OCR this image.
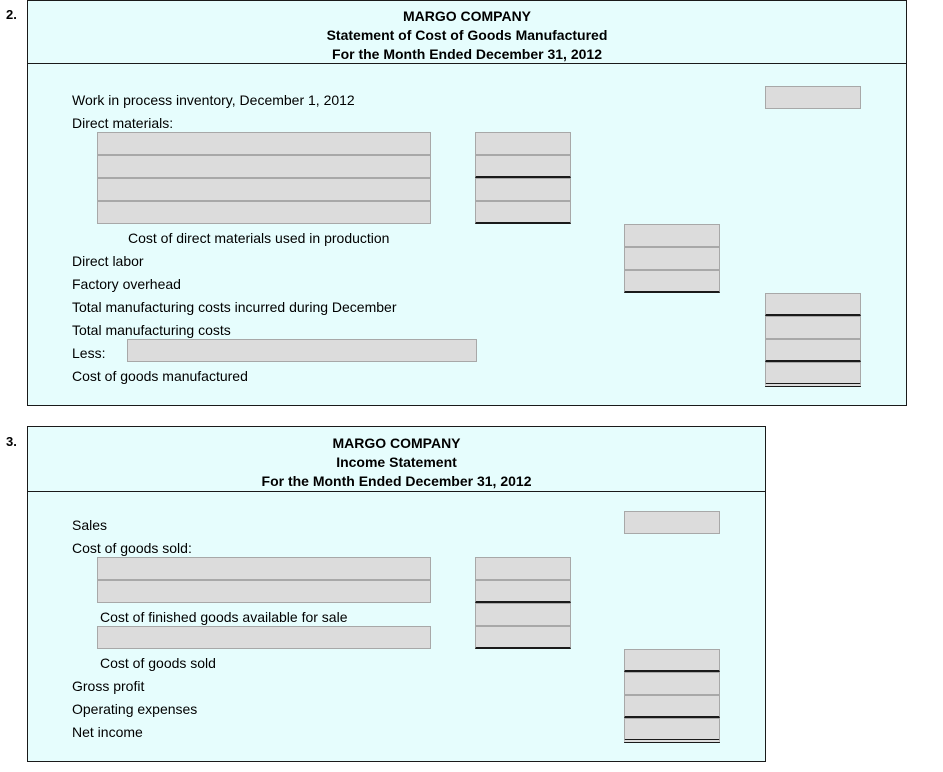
2.	MARGO COMPANY
Statement of Cost of Goods Manufactured
For the Month Ended December 31, 2012
Work in process inventory, December 1, 2012
Direct materials:
Cost of direct materials used in production
Direct labor
Factory overhead
Total manufacturing costs incurred during December
Total manufacturing costs
Less:
Cost of goods manufactured
3.	MARGO COMPANY
Income Statement
For the Month Ended December 31, 2012
Sales
Cost of goods sold:
Cost of finished goods available for sale
Cost of goods sold
Gross profit
Operating expenses
Net income
